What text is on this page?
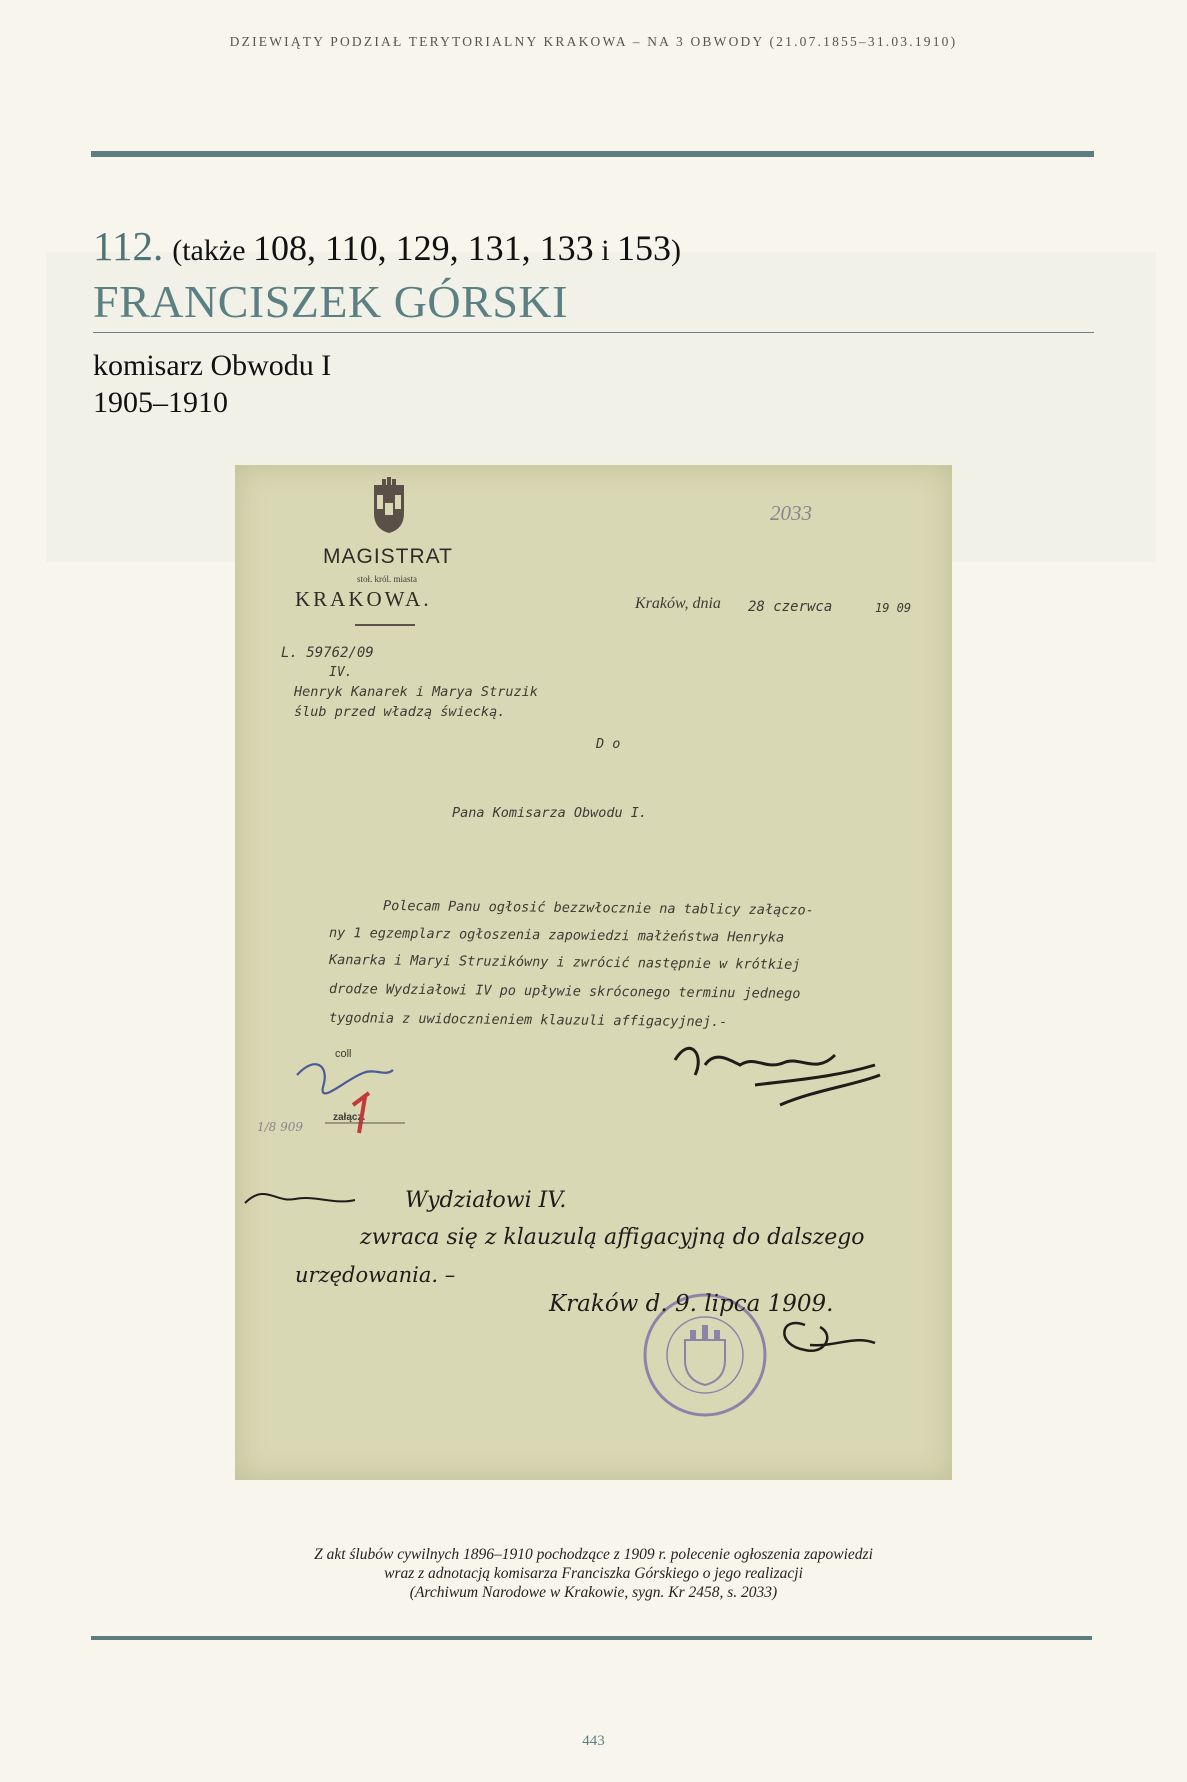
DZIEWIĄTY PODZIAŁ TERYTORIALNY KRAKOWA – NA 3 OBWODY (21.07.1855–31.03.1910)
112. (także 108, 110, 129, 131, 133 i 153)
FRANCISZEK GÓRSKI
komisarz Obwodu I
1905–1910
MAGISTRAT
stoł. król. miasta
KRAKOWA.
2033
Kraków, dnia 28 czerwca	19 09
L. 59762/09
IV.
Henryk Kanarek i Marya Struzik
ślub przed władzą świecką.
D o
Pana Komisarza Obwodu I.
Polecam Panu ogłosić bezzwłocznie na tablicy załączo-
ny 1 egzemplarz ogłoszenia zapowiedzi małżeństwa Henryka
Kanarka i Maryi Struzikówny i zwrócić następnie w krótkiej
drodze Wydziałowi IV po upływie skróconego terminu jednego
tygodnia z uwidocznieniem klauzuli affigacyjnej.-
coll
załącz.
1/8 909
Wydziałowi IV.
zwraca się z klauzulą affigacyjną do dalszego
urzędowania. –
Kraków d. 9. lipca 1909.
Z akt ślubów cywilnych 1896–1910 pochodzące z 1909 r. polecenie ogłoszenia zapowiedzi
wraz z adnotacją komisarza Franciszka Górskiego o jego realizacji
(Archiwum Narodowe w Krakowie, sygn. Kr 2458, s. 2033)
443
